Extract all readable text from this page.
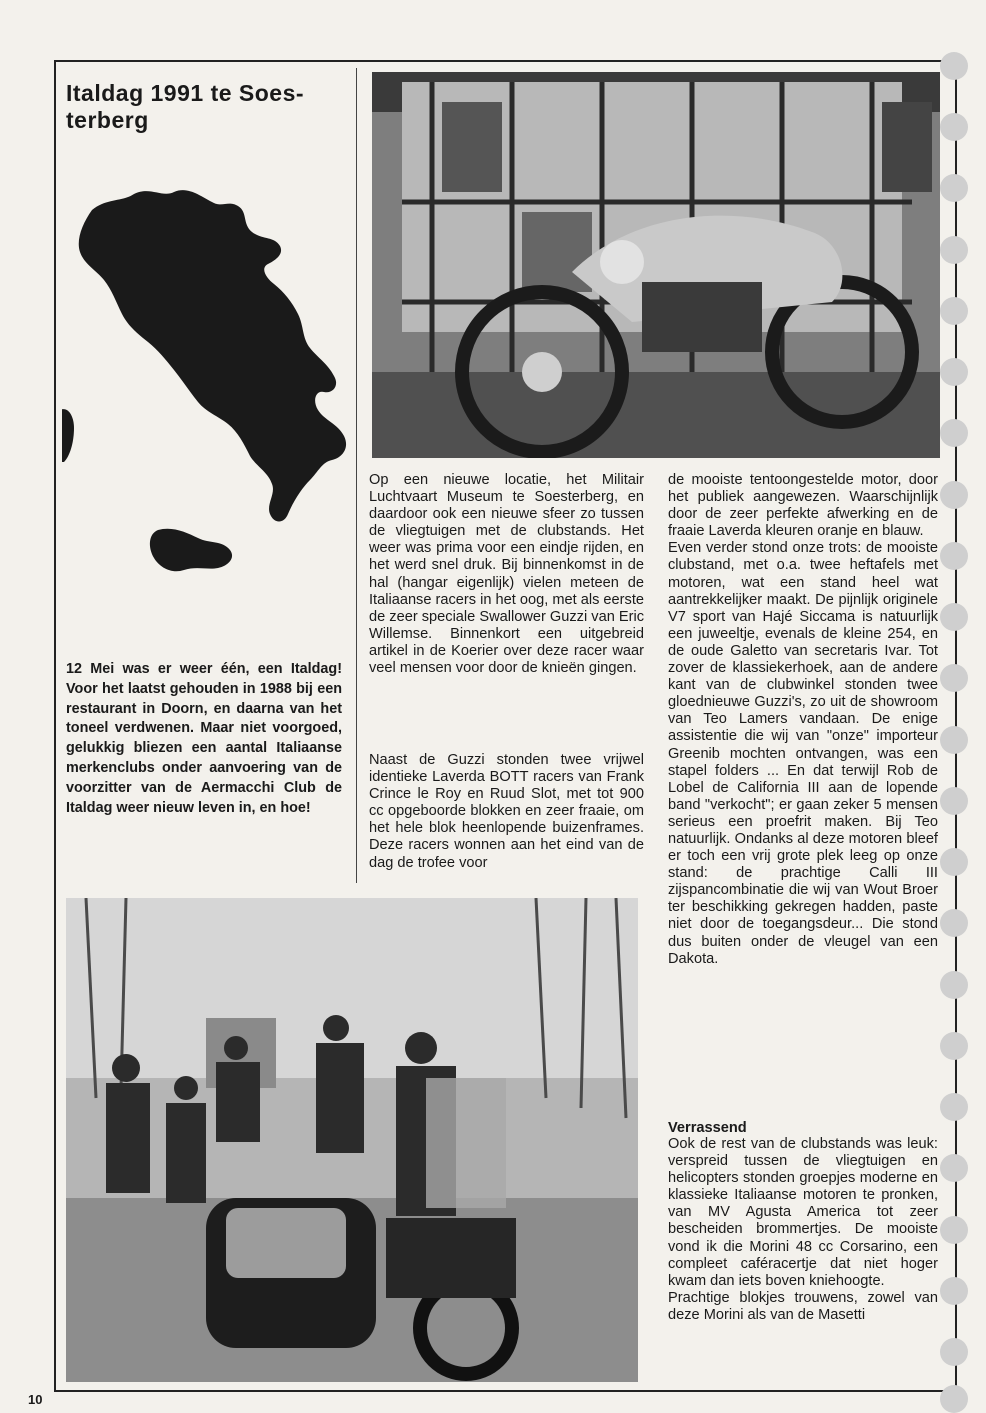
Italdag 1991 te Soes-
terberg

12 Mei was er weer één, een Italdag! Voor het laatst gehouden in 1988 bij een restaurant in Doorn, en daarna van het toneel verdwenen. Maar niet voorgoed, gelukkig bliezen een aantal Italiaanse merkenclubs onder aanvoering van de voorzitter van de Aermacchi Club de Italdag weer nieuw leven in, en hoe!

Op een nieuwe locatie, het Militair Luchtvaart Museum te Soesterberg, en daardoor ook een nieuwe sfeer zo tussen de vliegtuigen met de clubstands. Het weer was prima voor een eindje rijden, en het werd snel druk. Bij binnenkomst in de hal (hangar eigenlijk) vielen meteen de Italiaanse racers in het oog, met als eerste de zeer speciale Swallower Guzzi van Eric Willemse. Binnenkort een uitgebreid artikel in de Koerier over deze racer waar veel mensen voor door de knieën gingen.

Naast de Guzzi stonden twee vrijwel identieke Laverda BOTT racers van Frank Crince le Roy en Ruud Slot, met tot 900 cc opgeboorde blokken en zeer fraaie, om het hele blok heenlopende buizenframes. Deze racers wonnen aan het eind van de dag de trofee voor

de mooiste tentoongestelde motor, door het publiek aangewezen. Waarschijnlijk door de zeer perfekte afwerking en de fraaie Laverda kleuren oranje en blauw.
Even verder stond onze trots: de mooiste clubstand, met o.a. twee heftafels met motoren, wat een stand heel wat aantrekkelijker maakt. De pijnlijk originele V7 sport van Hajé Siccama is natuurlijk een juweeltje, evenals de kleine 254, en de oude Galetto van secretaris Ivar. Tot zover de klassiekerhoek, aan de andere kant van de clubwinkel stonden twee gloednieuwe Guzzi's, zo uit de showroom van Teo Lamers vandaan. De enige assistentie die wij van "onze" importeur Greenib mochten ontvangen, was een stapel folders ... En dat terwijl Rob de Lobel de California III aan de lopende band "verkocht"; er gaan zeker 5 mensen serieus een proefrit maken. Bij Teo natuurlijk. Ondanks al deze motoren bleef er toch een vrij grote plek leeg op onze stand: de prachtige Calli III zijspancombinatie die wij van Wout Broer ter beschikking gekregen hadden, paste niet door de toegangsdeur... Die stond dus buiten onder de vleugel van een Dakota.

Verrassend

Ook de rest van de clubstands was leuk: verspreid tussen de vliegtuigen en helicopters stonden groepjes moderne en klassieke Italiaanse motoren te pronken, van MV Agusta America tot zeer bescheiden brommertjes. De mooiste vond ik die Morini 48 cc Corsarino, een compleet caféracertje dat niet hoger kwam dan iets boven kniehoogte.
Prachtige blokjes trouwens, zowel van deze Morini als van de Masetti

10
